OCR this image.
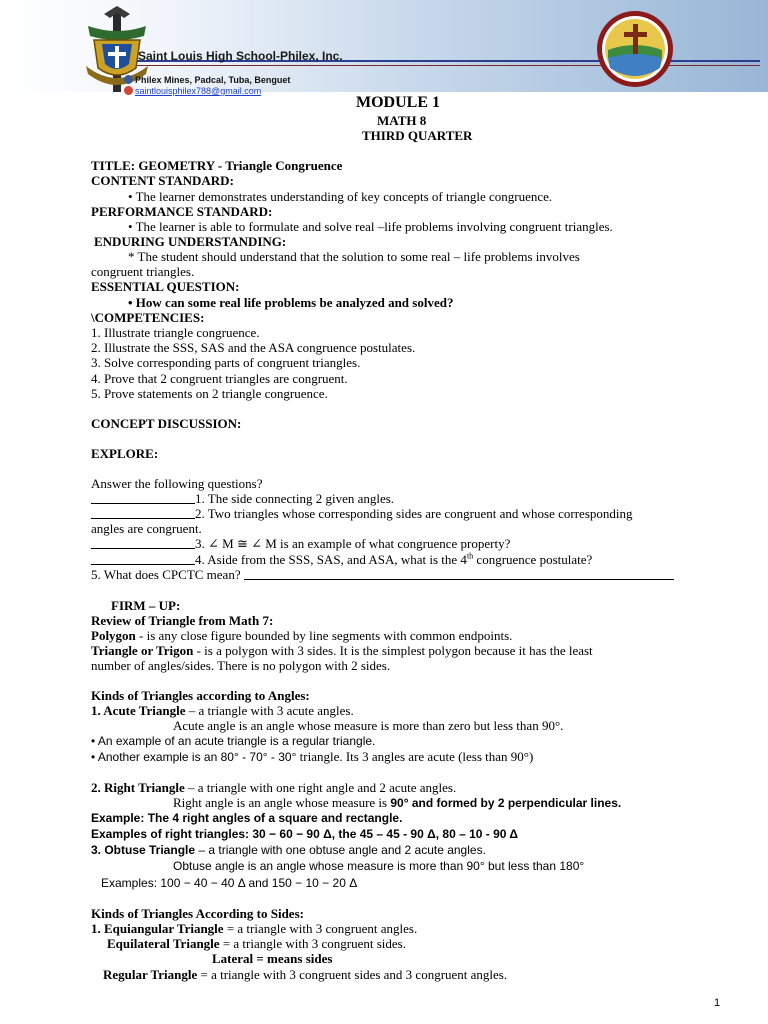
Saint Louis High School-Philex, Inc.
Philex Mines, Padcal, Tuba, Benguet
saintlouisphilex788@gmail.com
MODULE 1
MATH 8
THIRD QUARTER
TITLE: GEOMETRY - Triangle Congruence
CONTENT STANDARD:
• The learner demonstrates understanding of key concepts of triangle congruence.
PERFORMANCE STANDARD:
• The learner is able to formulate and solve real –life problems involving congruent triangles.
ENDURING UNDERSTANDING:
* The student should understand that the solution to some real – life problems involves
congruent triangles.
ESSENTIAL QUESTION:
• How can some real life problems be analyzed and solved?
\COMPETENCIES:
1. Illustrate triangle congruence.
2. Illustrate the SSS, SAS and the ASA congruence postulates.
3. Solve corresponding parts of congruent triangles.
4. Prove that 2 congruent triangles are congruent.
5. Prove statements on 2 triangle congruence.
CONCEPT DISCUSSION:
EXPLORE:
Answer the following questions?
1. The side connecting 2 given angles.
2. Two triangles whose corresponding sides are congruent and whose corresponding
angles are congruent.
3. ∠ M ≅ ∠ M is an example of what congruence property?
4. Aside from the SSS, SAS, and ASA, what is the 4th congruence postulate?
5. What does CPCTC mean?
FIRM – UP:
Review of Triangle from Math 7:
Polygon - is any close figure bounded by line segments with common endpoints.
Triangle or Trigon - is a polygon with 3 sides. It is the simplest polygon because it has the least
number of angles/sides. There is no polygon with 2 sides.
Kinds of Triangles according to Angles:
1. Acute Triangle – a triangle with 3 acute angles.
Acute angle is an angle whose measure is more than zero but less than 90°.
• An example of an acute triangle is a regular triangle.
• Another example is an 80° - 70° - 30° triangle. Its 3 angles are acute (less than 90°)
2. Right Triangle – a triangle with one right angle and 2 acute angles.
Right angle is an angle whose measure is 90° and formed by 2 perpendicular lines.
Example: The 4 right angles of a square and rectangle.
Examples of right triangles: 30 − 60 − 90 Δ, the 45 – 45 - 90 Δ, 80 – 10 - 90 Δ
3. Obtuse Triangle – a triangle with one obtuse angle and 2 acute angles.
Obtuse angle is an angle whose measure is more than 90° but less than 180°
Examples: 100 − 40 − 40 Δ and 150 − 10 − 20 Δ
Kinds of Triangles According to Sides:
1. Equiangular Triangle = a triangle with 3 congruent angles.
Equilateral Triangle = a triangle with 3 congruent sides.
Lateral = means sides
Regular Triangle = a triangle with 3 congruent sides and 3 congruent angles.
1
